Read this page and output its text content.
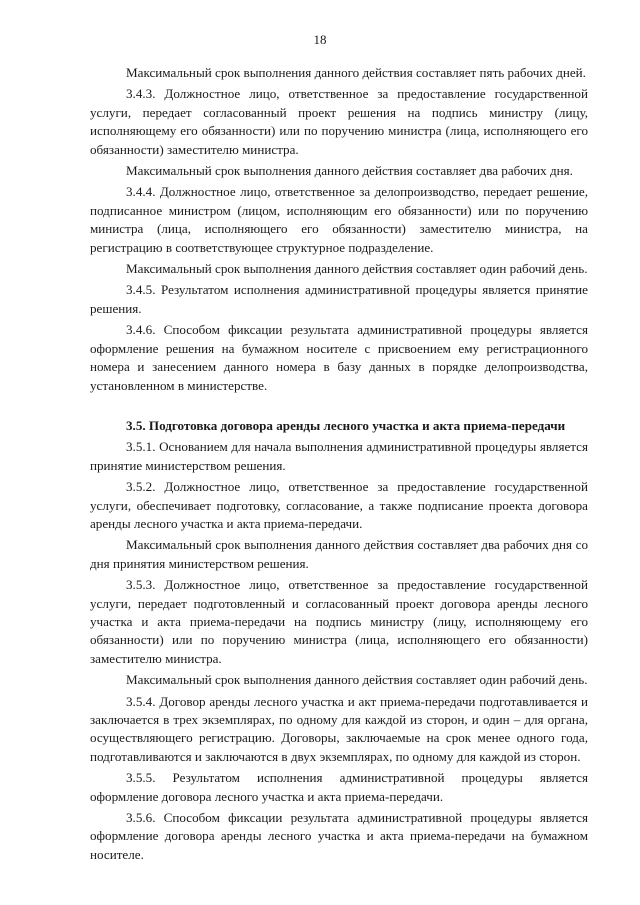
18

Максимальный срок выполнения данного действия составляет пять рабочих дней.

3.4.3. Должностное лицо, ответственное за предоставление государственной услуги, передает согласованный проект решения на подпись министру (лицу, исполняющему его обязанности) или по поручению министра (лица, исполняющего его обязанности) заместителю министра.

Максимальный срок выполнения данного действия составляет два рабочих дня.

3.4.4. Должностное лицо, ответственное за делопроизводство, передает решение, подписанное министром (лицом, исполняющим его обязанности) или по поручению министра (лица, исполняющего его обязанности) заместителю министра, на регистрацию в соответствующее структурное подразделение.

Максимальный срок выполнения данного действия составляет один рабочий день.

3.4.5. Результатом исполнения административной процедуры является принятие решения.

3.4.6. Способом фиксации результата административной процедуры является оформление решения на бумажном носителе с присвоением ему регистрационного номера и занесением данного номера в базу данных в порядке делопроизводства, установленном в министерстве.

3.5. Подготовка договора аренды лесного участка и акта приема-передачи

3.5.1. Основанием для начала выполнения административной процедуры является принятие министерством решения.

3.5.2. Должностное лицо, ответственное за предоставление государственной услуги, обеспечивает подготовку, согласование, а также подписание проекта договора аренды лесного участка и акта приема-передачи.

Максимальный срок выполнения данного действия составляет два рабочих дня со дня принятия министерством решения.

3.5.3. Должностное лицо, ответственное за предоставление государственной услуги, передает подготовленный и согласованный проект договора аренды лесного участка и акта приема-передачи на подпись министру (лицу, исполняющему его обязанности) или по поручению министра (лица, исполняющего его обязанности) заместителю министра.

Максимальный срок выполнения данного действия составляет один рабочий день.

3.5.4. Договор аренды лесного участка и акт приема-передачи подготавливается и заключается в трех экземплярах, по одному для каждой из сторон, и один – для органа, осуществляющего регистрацию. Договоры, заключаемые на срок менее одного года, подготавливаются и заключаются в двух экземплярах, по одному для каждой из сторон.

3.5.5. Результатом исполнения административной процедуры является оформление договора лесного участка и акта приема-передачи.

3.5.6. Способом фиксации результата административной процедуры является оформление договора аренды лесного участка и акта приема-передачи на бумажном носителе.
